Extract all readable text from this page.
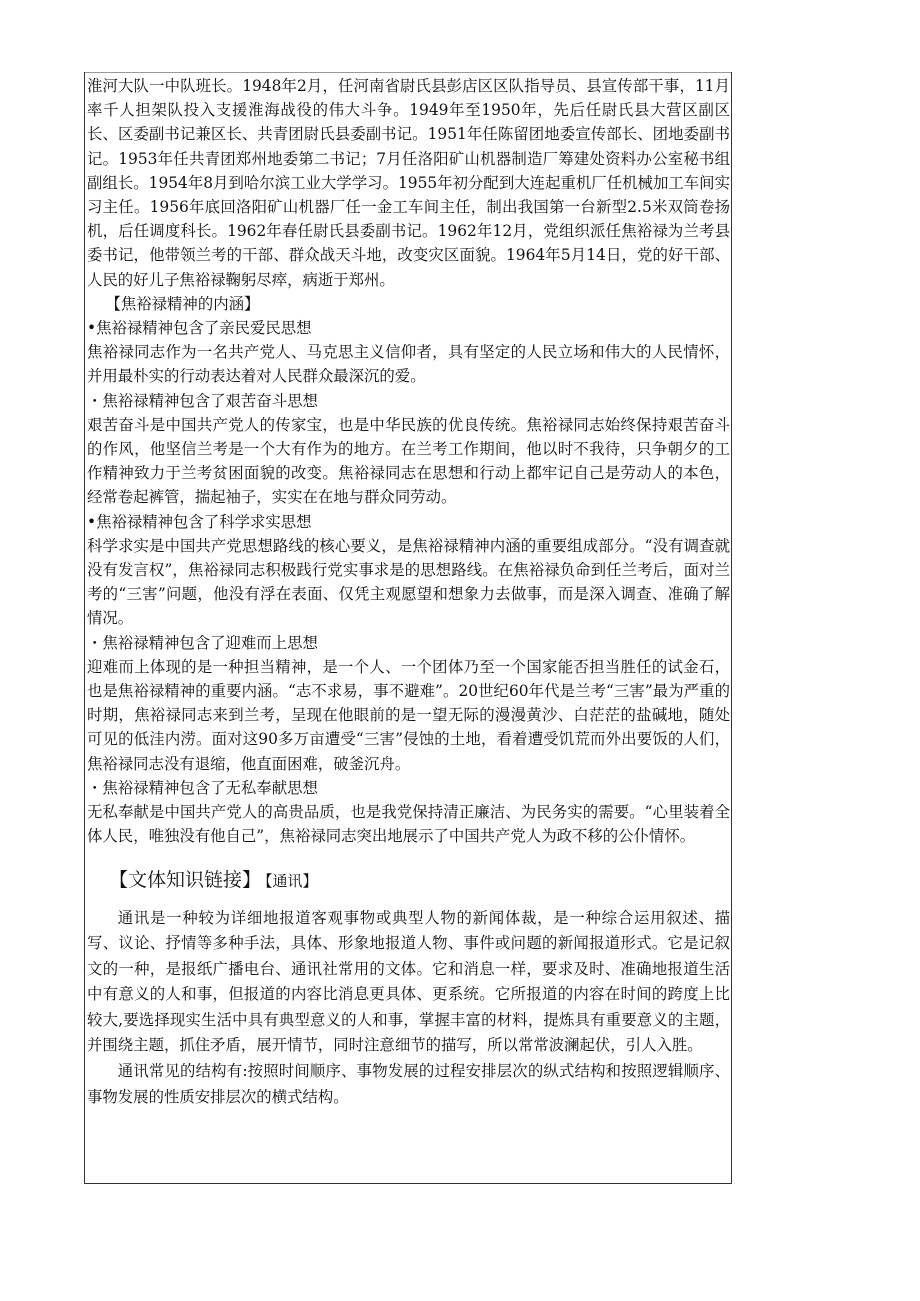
淮河大队一中队班长。1948年2月，任河南省尉氏县彭店区区队指导员、县宣传部干事，11月率千人担架队投入支援淮海战役的伟大斗争。1949年至1950年，先后任尉氏县大营区副区长、区委副书记兼区长、共青团尉氏县委副书记。1951年任陈留团地委宣传部长、团地委副书记。1953年任共青团郑州地委第二书记；7月任洛阳矿山机器制造厂筹建处资料办公室秘书组副组长。1954年8月到哈尔滨工业大学学习。1955年初分配到大连起重机厂任机械加工车间实习主任。1956年底回洛阳矿山机器厂任一金工车间主任，制出我国第一台新型2.5米双筒卷扬机，后任调度科长。1962年春任尉氏县委副书记。1962年12月，党组织派任焦裕禄为兰考县委书记，他带领兰考的干部、群众战天斗地，改变灾区面貌。1964年5月14日，党的好干部、人民的好儿子焦裕禄鞠躬尽瘁，病逝于郑州。

【焦裕禄精神的内涵】

•焦裕禄精神包含了亲民爱民思想

焦裕禄同志作为一名共产党人、马克思主义信仰者，具有坚定的人民立场和伟大的人民情怀，并用最朴实的行动表达着对人民群众最深沉的爱。

・焦裕禄精神包含了艰苦奋斗思想

艰苦奋斗是中国共产党人的传家宝，也是中华民族的优良传统。焦裕禄同志始终保持艰苦奋斗的作风，他坚信兰考是一个大有作为的地方。在兰考工作期间，他以时不我待，只争朝夕的工作精神致力于兰考贫困面貌的改变。焦裕禄同志在思想和行动上都牢记自己是劳动人的本色，经常卷起裤管，揣起袖子，实实在在地与群众同劳动。

•焦裕禄精神包含了科学求实思想

科学求实是中国共产党思想路线的核心要义，是焦裕禄精神内涵的重要组成部分。“没有调查就没有发言权”，焦裕禄同志积极践行党实事求是的思想路线。在焦裕禄负命到任兰考后，面对兰考的“三害”问题，他没有浮在表面、仅凭主观愿望和想象力去做事，而是深入调查、准确了解情况。

・焦裕禄精神包含了迎难而上思想

迎难而上体现的是一种担当精神，是一个人、一个团体乃至一个国家能否担当胜任的试金石，也是焦裕禄精神的重要内涵。“志不求易，事不避难”。20世纪60年代是兰考“三害”最为严重的时期，焦裕禄同志来到兰考，呈现在他眼前的是一望无际的漫漫黄沙、白茫茫的盐碱地，随处可见的低洼内涝。面对这90多万亩遭受“三害”侵蚀的土地，看着遭受饥荒而外出要饭的人们，焦裕禄同志没有退缩，他直面困难，破釜沉舟。

・焦裕禄精神包含了无私奉献思想

无私奉献是中国共产党人的高贵品质，也是我党保持清正廉洁、为民务实的需要。“心里装着全体人民，唯独没有他自己”，焦裕禄同志突出地展示了中国共产党人为政不移的公仆情怀。

【文体知识链接】 【通讯】

通讯是一种较为详细地报道客观事物或典型人物的新闻体裁，是一种综合运用叙述、描写、议论、抒情等多种手法，具体、形象地报道人物、事件或问题的新闻报道形式。它是记叙文的一种，是报纸广播电台、通讯社常用的文体。它和消息一样，要求及时、准确地报道生活中有意义的人和事，但报道的内容比消息更具体、更系统。它所报道的内容在时间的跨度上比较大,要选择现实生活中具有典型意义的人和事，掌握丰富的材料，提炼具有重要意义的主题，并围绕主题，抓住矛盾，展开情节，同时注意细节的描写，所以常常波澜起伏，引人入胜。

通讯常见的结构有:按照时间顺序、事物发展的过程安排层次的纵式结构和按照逻辑顺序、事物发展的性质安排层次的横式结构。
